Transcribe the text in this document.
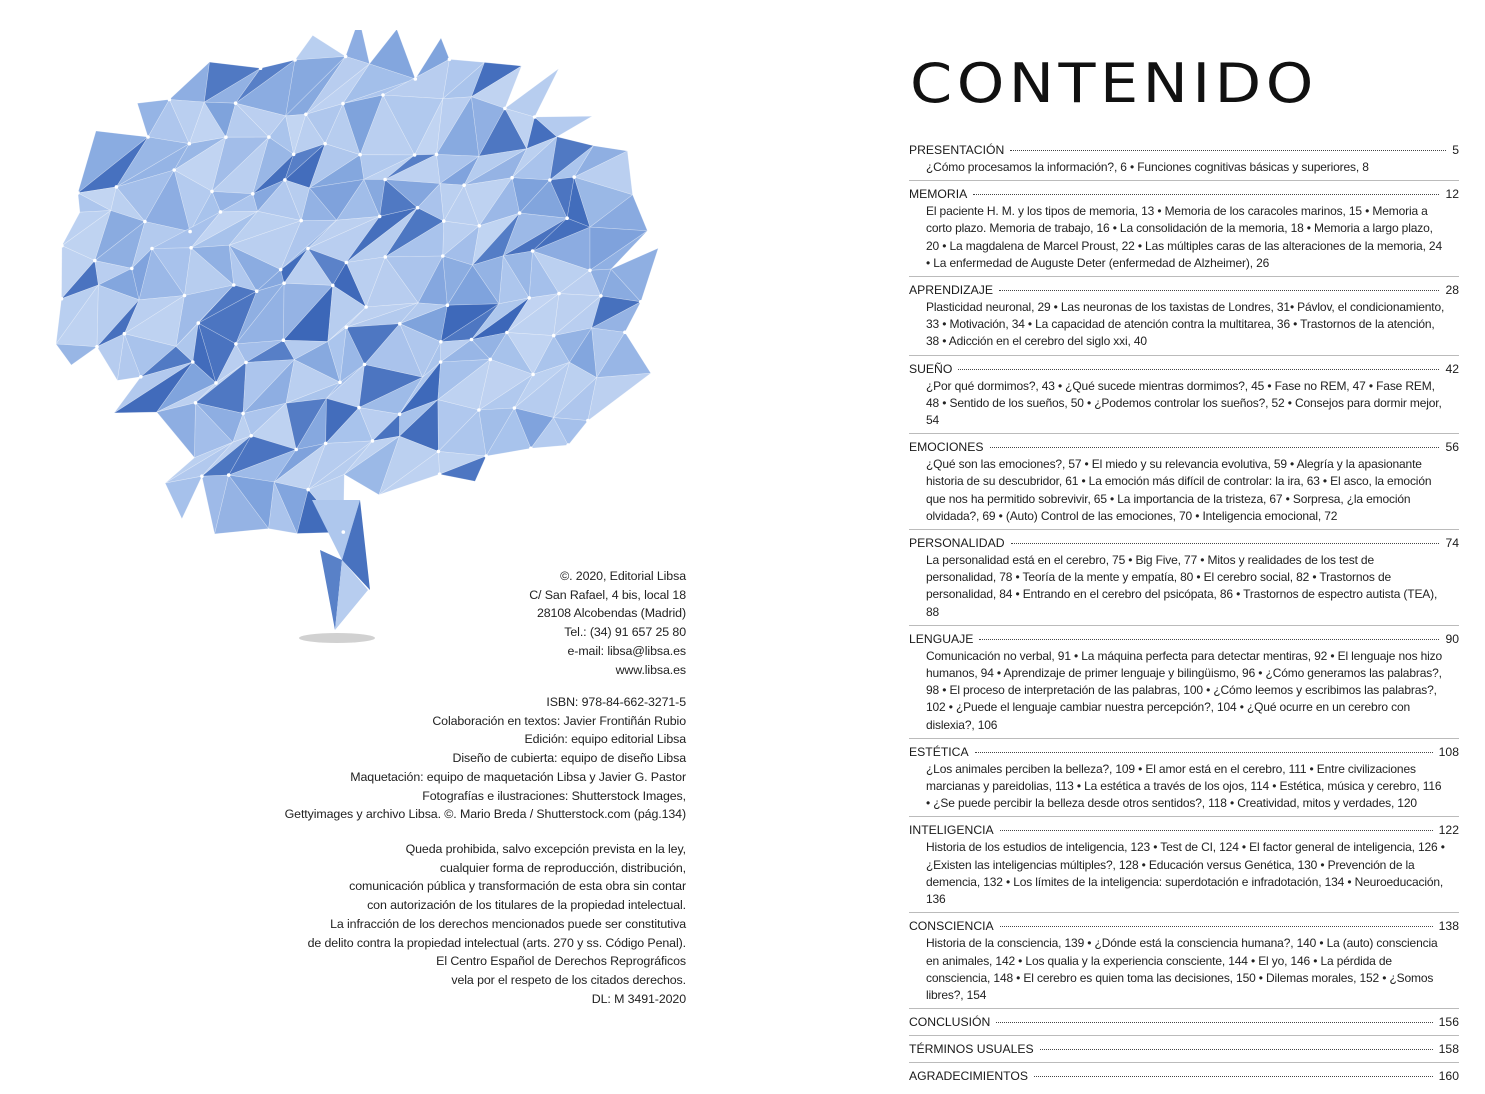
©. 2020, Editorial Libsa
C/ San Rafael, 4 bis, local 18
28108 Alcobendas (Madrid)
Tel.: (34) 91 657 25 80
e-mail: libsa@libsa.es
www.libsa.es
ISBN: 978-84-662-3271-5
Colaboración en textos: Javier Frontiñán Rubio
Edición: equipo editorial Libsa
Diseño de cubierta: equipo de diseño Libsa
Maquetación: equipo de maquetación Libsa y Javier G. Pastor
Fotografías e ilustraciones: Shutterstock Images,
Gettyimages y archivo Libsa. ©. Mario Breda / Shutterstock.com (pág.134)
Queda prohibida, salvo excepción prevista en la ley,
cualquier forma de reproducción, distribución,
comunicación pública y transformación de esta obra sin contar
con autorización de los titulares de la propiedad intelectual.
La infracción de los derechos mencionados puede ser constitutiva
de delito contra la propiedad intelectual (arts. 270 y ss. Código Penal).
El Centro Español de Derechos Reprográficos
vela por el respeto de los citados derechos.
DL: M 3491-2020
CONTENIDO
PRESENTACIÓN	5
¿Cómo procesamos la información?, 6 • Funciones cognitivas básicas y superiores, 8
MEMORIA	12
El paciente H. M. y los tipos de memoria, 13 • Memoria de los caracoles marinos, 15 • Memoria a corto plazo. Memoria de trabajo, 16 • La consolidación de la memoria, 18 • Memoria a largo plazo, 20 • La magdalena de Marcel Proust, 22 • Las múltiples caras de las alteraciones de la memoria, 24 • La enfermedad de Auguste Deter (enfermedad de Alzheimer), 26
APRENDIZAJE	28
Plasticidad neuronal, 29 • Las neuronas de los taxistas de Londres, 31• Pávlov, el condicionamiento, 33 • Motivación, 34 • La capacidad de atención contra la multitarea, 36 • Trastornos de la atención, 38 • Adicción en el cerebro del siglo xxi, 40
SUEÑO	42
¿Por qué dormimos?, 43 • ¿Qué sucede mientras dormimos?, 45 • Fase no REM, 47 • Fase REM, 48 • Sentido de los sueños, 50 • ¿Podemos controlar los sueños?, 52 • Consejos para dormir mejor, 54
EMOCIONES	56
¿Qué son las emociones?, 57 • El miedo y su relevancia evolutiva, 59 • Alegría y la apasionante historia de su descubridor, 61 • La emoción más difícil de controlar: la ira, 63 • El asco, la emoción que nos ha permitido sobrevivir, 65 • La importancia de la tristeza, 67 • Sorpresa, ¿la emoción olvidada?, 69 • (Auto) Control de las emociones, 70 • Inteligencia emocional, 72
PERSONALIDAD	74
La personalidad está en el cerebro, 75 • Big Five, 77 • Mitos y realidades de los test de personalidad, 78 • Teoría de la mente y empatía, 80 • El cerebro social, 82 • Trastornos de personalidad, 84 • Entrando en el cerebro del psicópata, 86 • Trastornos de espectro autista (TEA), 88
LENGUAJE	90
Comunicación no verbal, 91 • La máquina perfecta para detectar mentiras, 92 • El lenguaje nos hizo humanos, 94 • Aprendizaje de primer lenguaje y bilingüismo, 96 • ¿Cómo generamos las palabras?, 98 • El proceso de interpretación de las palabras, 100 • ¿Cómo leemos y escribimos las palabras?, 102 • ¿Puede el lenguaje cambiar nuestra percepción?, 104 • ¿Qué ocurre en un cerebro con dislexia?, 106
ESTÉTICA	108
¿Los animales perciben la belleza?, 109 • El amor está en el cerebro, 111 • Entre civilizaciones marcianas y pareidolias, 113 • La estética a través de los ojos, 114 • Estética, música y cerebro, 116 • ¿Se puede percibir la belleza desde otros sentidos?, 118 • Creatividad, mitos y verdades, 120
INTELIGENCIA	122
Historia de los estudios de inteligencia, 123 • Test de CI, 124 • El factor general de inteligencia, 126 • ¿Existen las inteligencias múltiples?, 128 • Educación versus Genética, 130 • Prevención de la demencia, 132 • Los límites de la inteligencia: superdotación e infradotación, 134 • Neuroeducación, 136
CONSCIENCIA	138
Historia de la consciencia, 139 • ¿Dónde está la consciencia humana?, 140 • La (auto) consciencia en animales, 142 • Los qualia y la experiencia consciente, 144 • El yo, 146 • La pérdida de consciencia, 148 • El cerebro es quien toma las decisiones, 150 • Dilemas morales, 152 • ¿Somos libres?, 154
CONCLUSIÓN	156
TÉRMINOS USUALES	158
AGRADECIMIENTOS	160
